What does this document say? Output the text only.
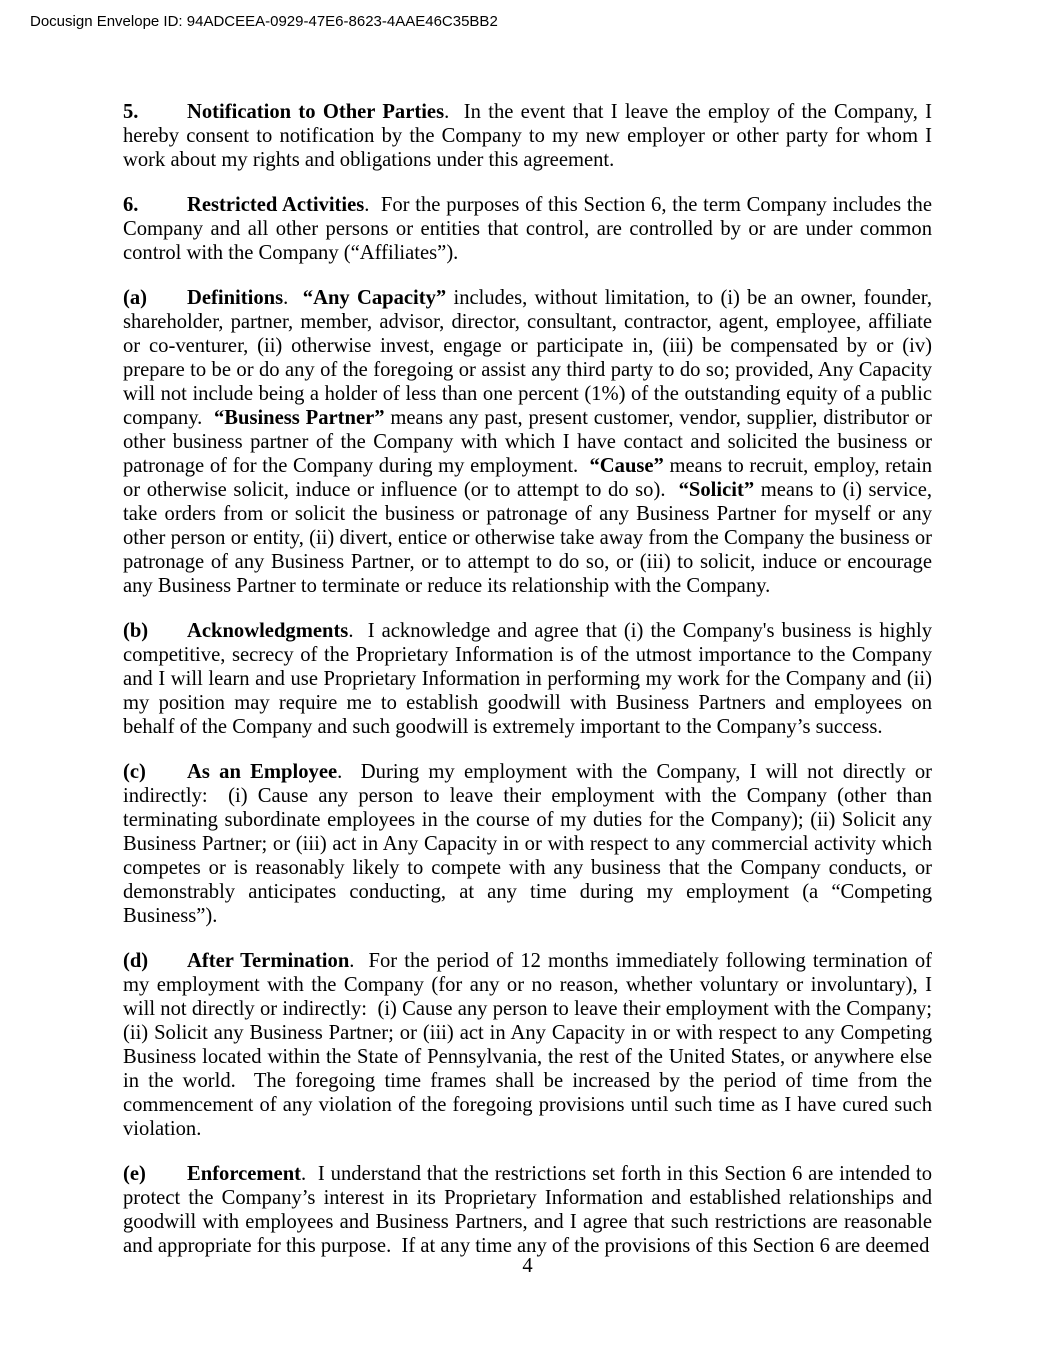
Docusign Envelope ID: 94ADCEEA-0929-47E6-8623-4AAE46C35BB2

5. Notification to Other Parties.  In the event that I leave the employ of the Company, I hereby consent to notification by the Company to my new employer or other party for whom I work about my rights and obligations under this agreement.

6. Restricted Activities.  For the purposes of this Section 6, the term Company includes the Company and all other persons or entities that control, are controlled by or are under common control with the Company (“Affiliates”).

(a) Definitions.  “Any Capacity” includes, without limitation, to (i) be an owner, founder, shareholder, partner, member, advisor, director, consultant, contractor, agent, employee, affiliate or co-venturer, (ii) otherwise invest, engage or participate in, (iii) be compensated by or (iv) prepare to be or do any of the foregoing or assist any third party to do so; provided, Any Capacity will not include being a holder of less than one percent (1%) of the outstanding equity of a public company.  “Business Partner” means any past, present customer, vendor, supplier, distributor or other business partner of the Company with which I have contact and solicited the business or patronage of for the Company during my employment.  “Cause” means to recruit, employ, retain or otherwise solicit, induce or influence (or to attempt to do so).  “Solicit” means to (i) service, take orders from or solicit the business or patronage of any Business Partner for myself or any other person or entity, (ii) divert, entice or otherwise take away from the Company the business or patronage of any Business Partner, or to attempt to do so, or (iii) to solicit, induce or encourage any Business Partner to terminate or reduce its relationship with the Company.

(b) Acknowledgments.  I acknowledge and agree that (i) the Company's business is highly competitive, secrecy of the Proprietary Information is of the utmost importance to the Company and I will learn and use Proprietary Information in performing my work for the Company and (ii) my position may require me to establish goodwill with Business Partners and employees on behalf of the Company and such goodwill is extremely important to the Company’s success.

(c) As an Employee.  During my employment with the Company, I will not directly or indirectly:  (i) Cause any person to leave their employment with the Company (other than terminating subordinate employees in the course of my duties for the Company); (ii) Solicit any Business Partner; or (iii) act in Any Capacity in or with respect to any commercial activity which competes or is reasonably likely to compete with any business that the Company conducts, or demonstrably anticipates conducting, at any time during my employment (a “Competing Business”).

(d) After Termination.  For the period of 12 months immediately following termination of my employment with the Company (for any or no reason, whether voluntary or involuntary), I will not directly or indirectly:  (i) Cause any person to leave their employment with the Company; (ii) Solicit any Business Partner; or (iii) act in Any Capacity in or with respect to any Competing Business located within the State of Pennsylvania, the rest of the United States, or anywhere else in the world.  The foregoing time frames shall be increased by the period of time from the commencement of any violation of the foregoing provisions until such time as I have cured such violation.

(e) Enforcement.  I understand that the restrictions set forth in this Section 6 are intended to protect the Company’s interest in its Proprietary Information and established relationships and goodwill with employees and Business Partners, and I agree that such restrictions are reasonable and appropriate for this purpose.  If at any time any of the provisions of this Section 6 are deemed

4
